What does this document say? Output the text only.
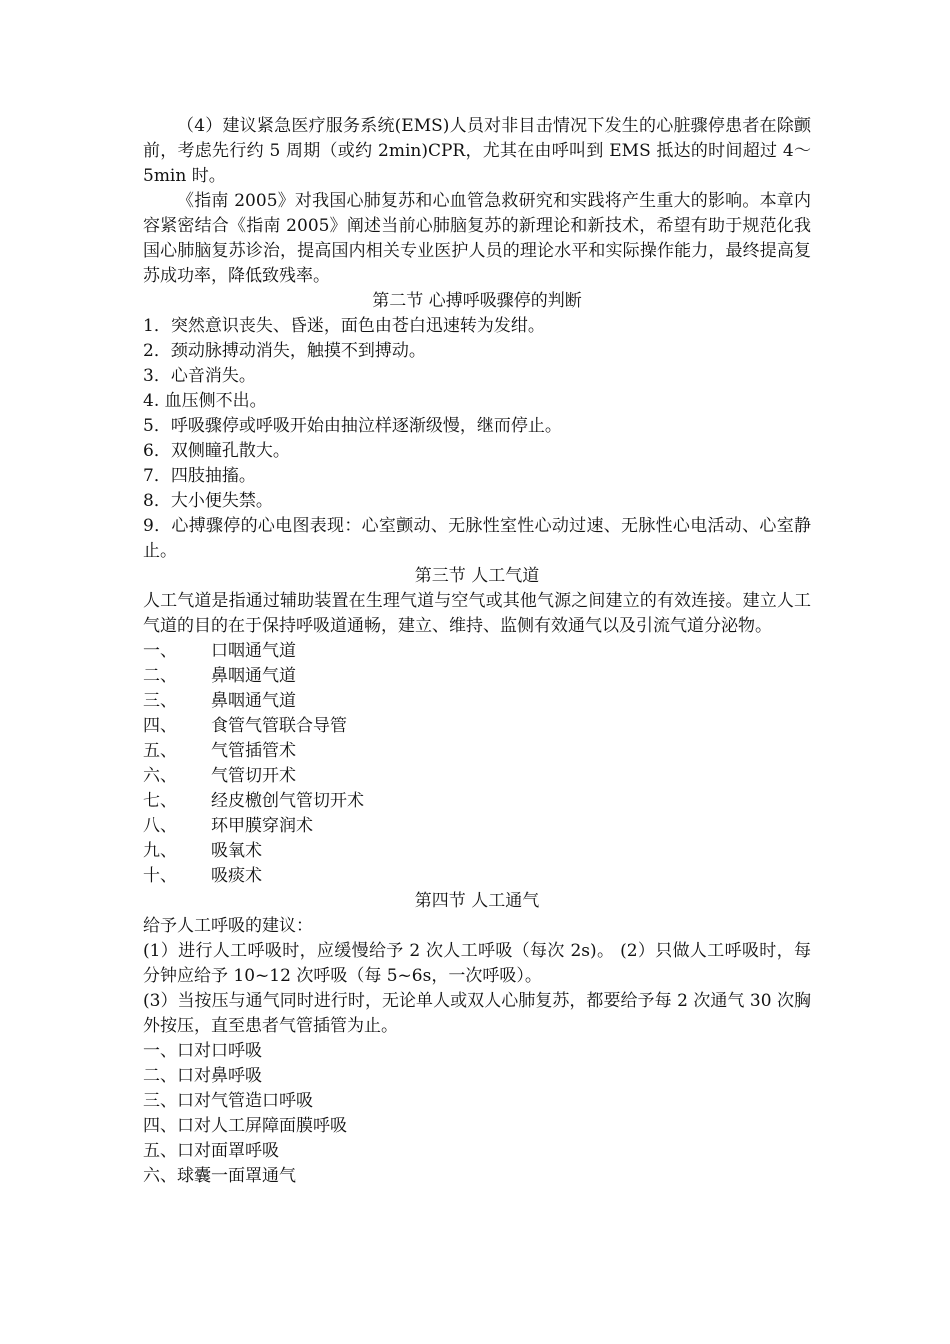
（4）建议紧急医疗服务系统(EMS)人员对非目击情况下发生的心脏骤停患者在除颤前，考虑先行约 5 周期（或约 2min)CPR，尤其在由呼叫到 EMS 抵达的时间超过 4～5min 时。

《指南 2005》对我国心肺复苏和心血管急救研究和实践将产生重大的影响。本章内容紧密结合《指南 2005》阐述当前心肺脑复苏的新理论和新技术，希望有助于规范化我国心肺脑复苏诊治，提高国内相关专业医护人员的理论水平和实际操作能力，最终提高复苏成功率，降低致残率。

第二节 心搏呼吸骤停的判断

1．突然意识丧失、昏迷，面色由苍白迅速转为发绀。

2．颈动脉搏动消失，触摸不到搏动。

3．心音消失。

4. 血压侧不出。

5．呼吸骤停或呼吸开始由抽泣样逐渐级慢，继而停止。

6．双侧瞳孔散大。

7．四肢抽搐。

8．大小便失禁。

9．心搏骤停的心电图表现：心室颤动、无脉性室性心动过速、无脉性心电活动、心室静止。

第三节 人工气道

人工气道是指通过辅助装置在生理气道与空气或其他气源之间建立的有效连接。建立人工气道的目的在于保持呼吸道通畅，建立、维持、监侧有效通气以及引流气道分泌物。

一、	口咽通气道

二、	鼻咽通气道

三、	鼻咽通气道

四、	食管气管联合导管

五、	气管插管术

六、	气管切开术

七、	经皮檄创气管切开术

八、	环甲膜穿润术

九、	吸氧术

十、	吸痰术

第四节 人工通气

给予人工呼吸的建议：

(1）进行人工呼吸时，应缓慢给予 2 次人工呼吸（每次 2s)。 (2）只做人工呼吸时，每分钟应给予 10~12 次呼吸（每 5~6s，一次呼吸）。

(3）当按压与通气同时进行时，无论单人或双人心肺复苏，都要给予每 2 次通气 30 次胸外按压，直至患者气管插管为止。

一、口对口呼吸

二、口对鼻呼吸

三、口对气管造口呼吸

四、口对人工屏障面膜呼吸

五、口对面罩呼吸

六、球囊一面罩通气
